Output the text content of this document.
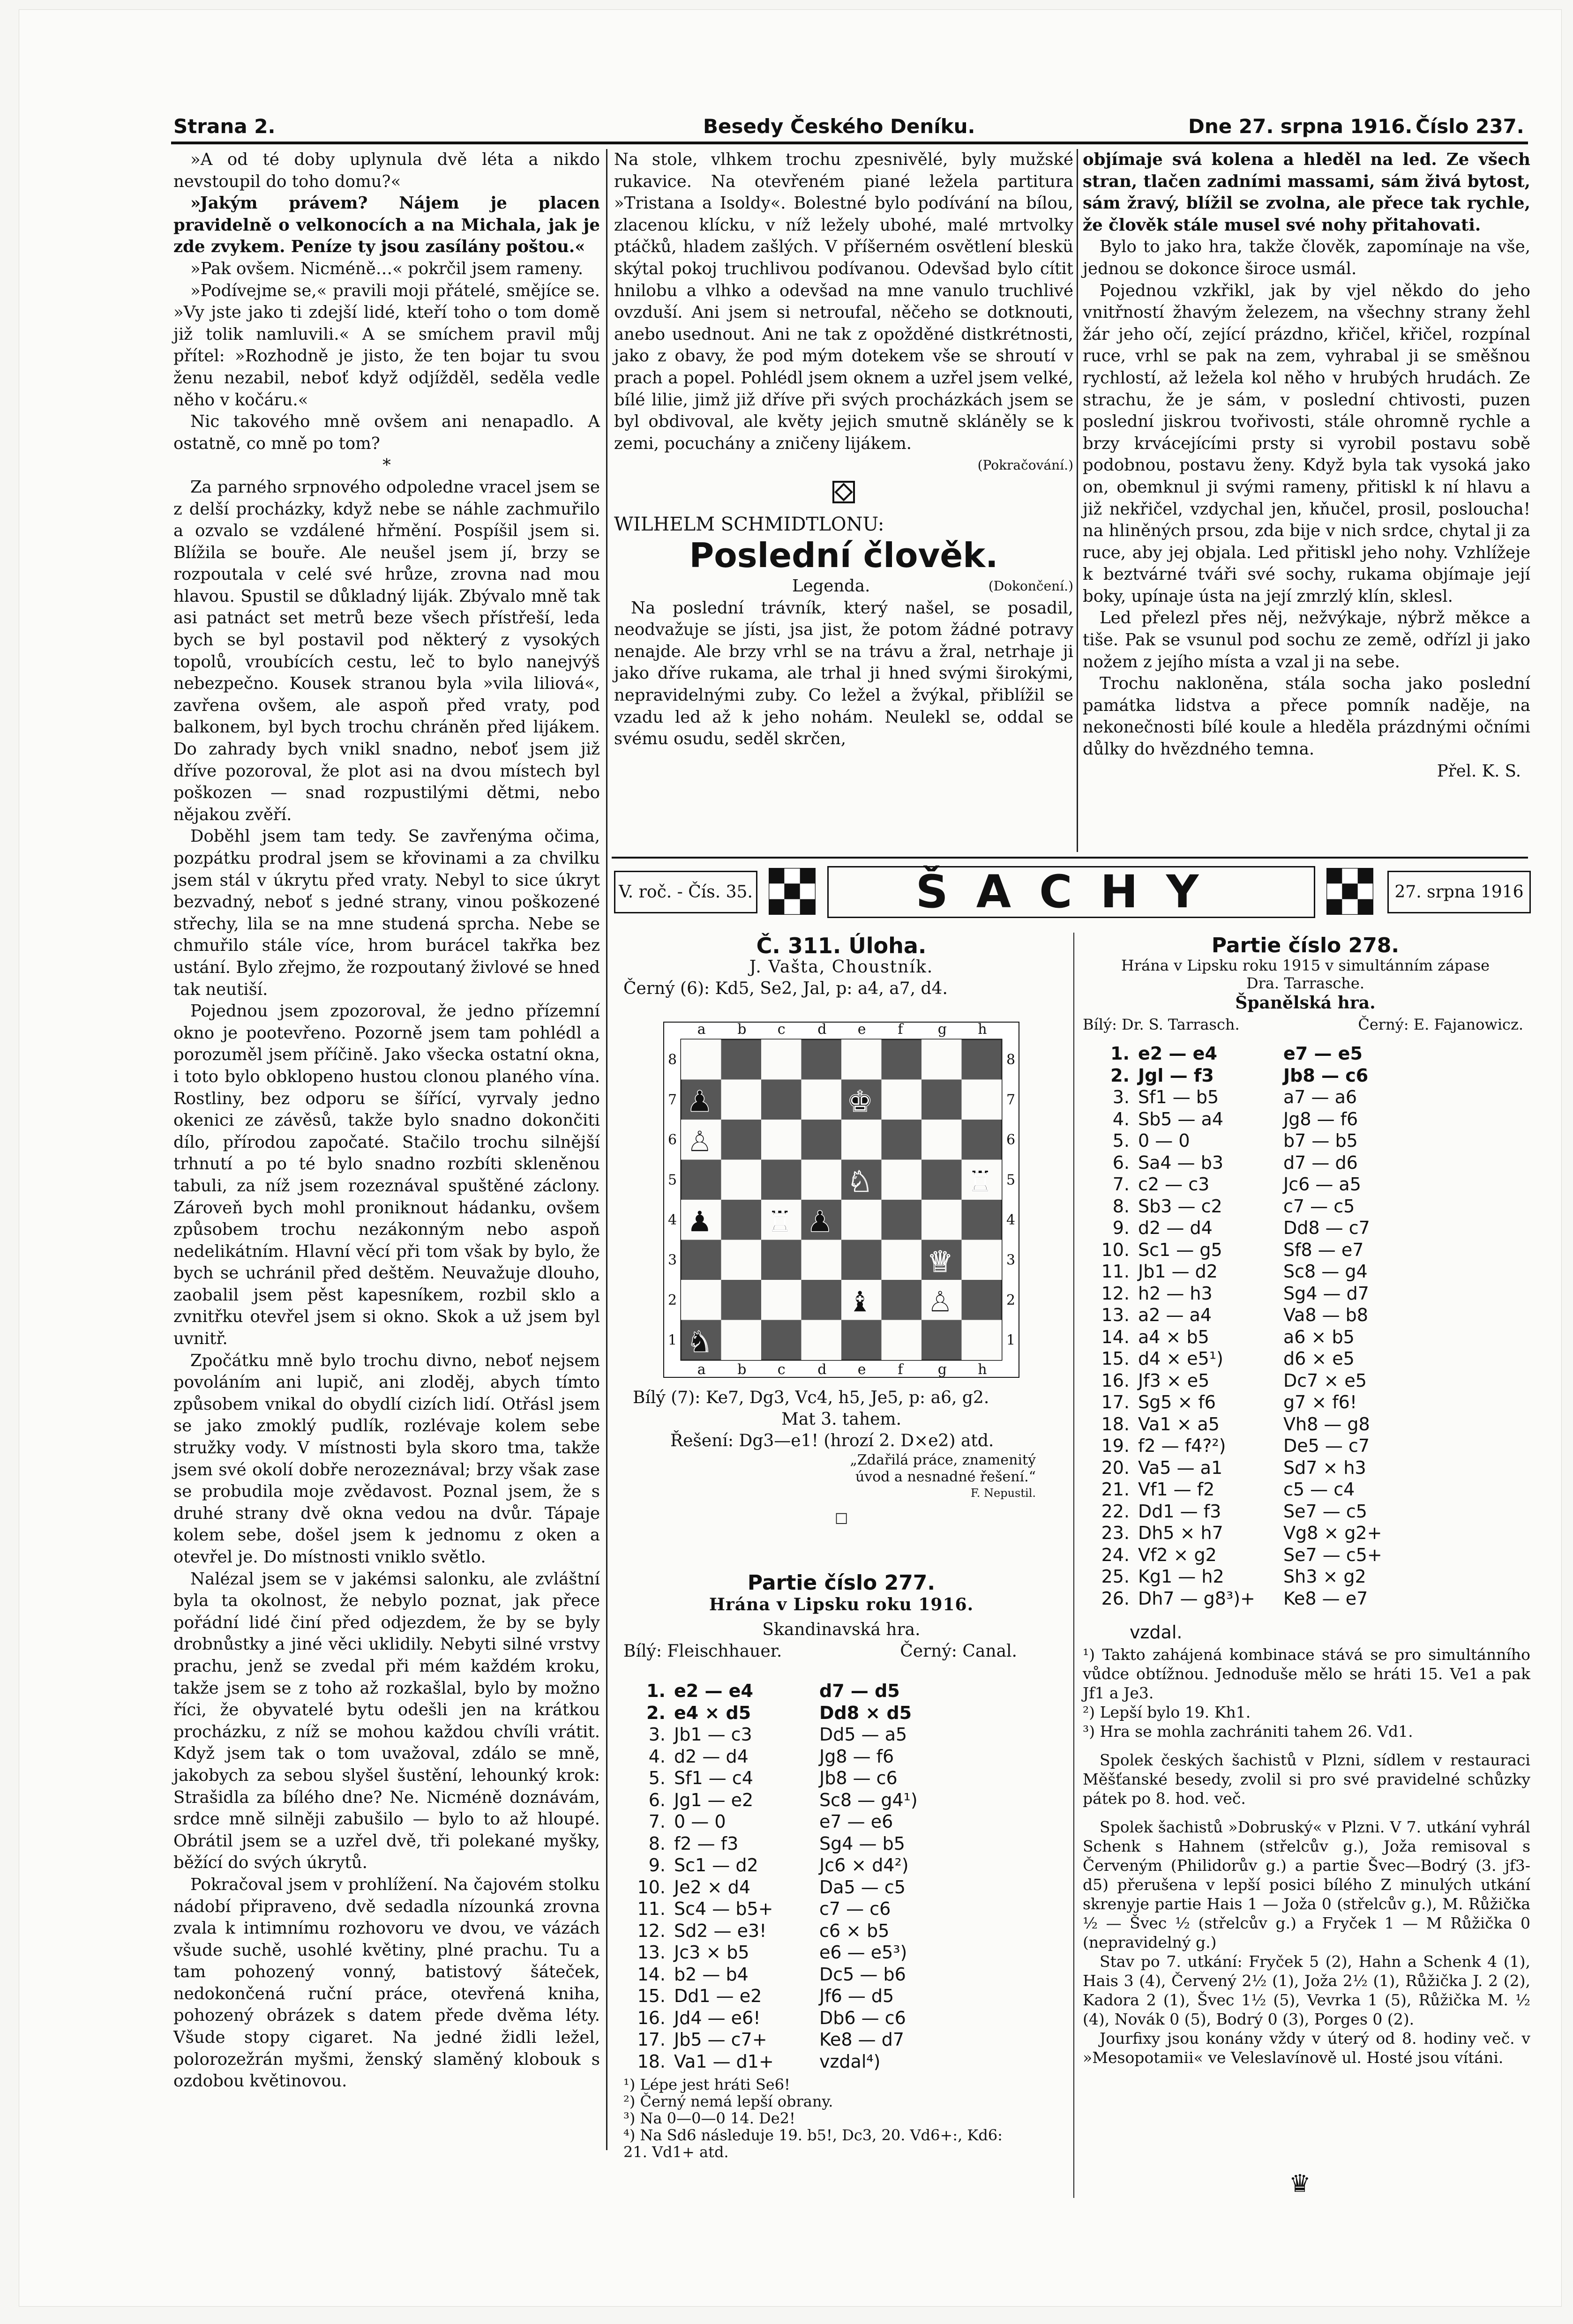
Strana 2.	Besedy Českého Deníku.	Dne 27. srpna 1916. Číslo 237.

»A od té doby uplynula dvě léta a nikdo nevstoupil do toho domu?«

»Jakým právem? Nájem je placen pravidelně o velkonocích a na Michala, jak je zde zvykem. Peníze ty jsou zasílány poštou.«

»Pak ovšem. Nicméně…« pokrčil jsem rameny.

»Podívejme se,« pravili moji přátelé, smějíce se. »Vy jste jako ti zdejší lidé, kteří toho o tom domě již tolik namluvili.« A se smíchem pravil můj přítel: »Rozhodně je jisto, že ten bojar tu svou ženu nezabil, neboť když odjížděl, seděla vedle něho v kočáru.«

Nic takového mně ovšem ani nenapadlo. A ostatně, co mně po tom?

*

Za parného srpnového odpoledne vracel jsem se z delší procházky, když nebe se náhle zachmuřilo a ozvalo se vzdálené hřmění. Pospíšil jsem si. Blížila se bouře. Ale neušel jsem jí, brzy se rozpoutala v celé své hrůze, zrovna nad mou hlavou. Spustil se důkladný liják. Zbývalo mně tak asi patnáct set metrů beze všech přístřeší, leda bych se byl postavil pod některý z vysokých topolů, vroubících cestu, leč to bylo nanejvýš nebezpečno. Kousek stranou byla »vila liliová«, zavřena ovšem, ale aspoň před vraty, pod balkonem, byl bych trochu chráněn před lijákem. Do zahrady bych vnikl snadno, neboť jsem již dříve pozoroval, že plot asi na dvou místech byl poškozen — snad rozpustilými dětmi, nebo nějakou zvěří.

Doběhl jsem tam tedy. Se zavřenýma očima, pozpátku prodral jsem se křovinami a za chvilku jsem stál v úkrytu před vraty. Nebyl to sice úkryt bezvadný, neboť s jedné strany, vinou poškozené střechy, lila se na mne studená sprcha. Nebe se chmuřilo stále více, hrom burácel takřka bez ustání. Bylo zřejmo, že rozpoutaný živlové se hned tak neutiší.

Pojednou jsem zpozoroval, že jedno přízemní okno je pootevřeno. Pozorně jsem tam pohlédl a porozuměl jsem příčině. Jako všecka ostatní okna, i toto bylo obklopeno hustou clonou planého vína. Rostliny, bez odporu se šířící, vyrvaly jedno okenici ze závěsů, takže bylo snadno dokončiti dílo, přírodou započaté. Stačilo trochu silnější trhnutí a po té bylo snadno rozbíti skleněnou tabuli, za níž jsem rozeznával spuštěné záclony. Zároveň bych mohl proniknout hádanku, ovšem způsobem trochu nezákonným nebo aspoň nedelikátním. Hlavní věcí při tom však by bylo, že bych se uchránil před deštěm. Neuvažuje dlouho, zaobalil jsem pěst kapesníkem, rozbil sklo a zvnitřku otevřel jsem si okno. Skok a už jsem byl uvnitř.

Zpočátku mně bylo trochu divno, neboť nejsem povoláním ani lupič, ani zloděj, abych tímto způsobem vnikal do obydlí cizích lidí. Otřásl jsem se jako zmoklý pudlík, rozlévaje kolem sebe stružky vody. V místnosti byla skoro tma, takže jsem své okolí dobře nerozeznával; brzy však zase se probudila moje zvědavost. Poznal jsem, že s druhé strany dvě okna vedou na dvůr. Tápaje kolem sebe, došel jsem k jednomu z oken a otevřel je. Do místnosti vniklo světlo.

Nalézal jsem se v jakémsi salonku, ale zvláštní byla ta okolnost, že nebylo poznat, jak přece pořádní lidé činí před odjezdem, že by se byly drobnůstky a jiné věci uklidily. Nebyti silné vrstvy prachu, jenž se zvedal při mém každém kroku, takže jsem se z toho až rozkašlal, bylo by možno říci, že obyvatelé bytu odešli jen na krátkou procházku, z níž se mohou každou chvíli vrátit. Když jsem tak o tom uvažoval, zdálo se mně, jakobych za sebou slyšel šustění, lehounký krok: Strašidla za bílého dne? Ne. Nicméně doznávám, srdce mně silněji zabušilo — bylo to až hloupé. Obrátil jsem se a uzřel dvě, tři polekané myšky, běžící do svých úkrytů.

Pokračoval jsem v prohlížení. Na čajovém stolku nádobí připraveno, dvě sedadla nízounká zrovna zvala k intimnímu rozhovoru ve dvou, ve vázách všude suchě, usohlé květiny, plné prachu. Tu a tam pohozený vonný, batistový šáteček, nedokončená ruční práce, otevřená kniha, pohozený obrázek s datem přede dvěma léty. Všude stopy cigaret. Na jedné židli ležel, polorozežrán myšmi, ženský slaměný klobouk s ozdobou květinovou.

Na stole, vlhkem trochu zpesnivělé, byly mužské rukavice. Na otevřeném piané ležela partitura »Tristana a Isoldy«. Bolestné bylo podívání na bílou, zlacenou klícku, v níž ležely ubohé, malé mrtvolky ptáčků, hladem zašlých. V příšerném osvětlení bleskü skýtal pokoj truchlivou podívanou. Odevšad bylo cítit hnilobu a vlhko a odevšad na mne vanulo truchlivé ovzduší. Ani jsem si netroufal, něčeho se dotknouti, anebo usednout. Ani ne tak z opožděné distkrétnosti, jako z obavy, že pod mým dotekem vše se shroutí v prach a popel. Pohlédl jsem oknem a uzřel jsem velké, bílé lilie, jimž již dříve při svých procházkách jsem se byl obdivoval, ale květy jejich smutně skláněly se k zemi, pocuchány a zničeny lijákem.

(Pokračování.)

WILHELM SCHMIDTLONU:

Poslední člověk.
Legenda.	(Dokončení.)

Na poslední trávník, který našel, se posadil, neodvažuje se jísti, jsa jist, že potom žádné potravy nenajde. Ale brzy vrhl se na trávu a žral, netrhaje ji jako dříve rukama, ale trhal ji hned svými širokými, nepravidelnými zuby. Co ležel a žvýkal, přiblížil se vzadu led až k jeho nohám. Neulekl se, oddal se svému osudu, seděl skrčen,

objímaje svá kolena a hleděl na led. Ze všech stran, tlačen zadními massami, sám živá bytost, sám žravý, blížil se zvolna, ale přece tak rychle, že člověk stále musel své nohy přitahovati.

Bylo to jako hra, takže člověk, zapomínaje na vše, jednou se dokonce široce usmál.

Pojednou vzkřikl, jak by vjel někdo do jeho vnitřností žhavým železem, na všechny strany žehl žár jeho očí, zející prázdno, křičel, křičel, rozpínal ruce, vrhl se pak na zem, vyhrabal ji se směšnou rychlostí, až ležela kol něho v hrubých hrudách. Ze strachu, že je sám, v poslední chtivosti, puzen poslední jiskrou tvořivosti, stále ohromně rychle a brzy krvácejícími prsty si vyrobil postavu sobě podobnou, postavu ženy. Když byla tak vysoká jako on, obemknul ji svými rameny, přitiskl k ní hlavu a již nekřičel, vzdychal jen, kňučel, prosil, posloucha! na hliněných prsou, zda bije v nich srdce, chytal ji za ruce, aby jej objala. Led přitiskl jeho nohy. Vzhlížeje k beztvárné tváři své sochy, rukama objímaje její boky, upínaje ústa na její zmrzlý klín, sklesl.

Led přelezl přes něj, nežvýkaje, nýbrž měkce a tiše. Pak se vsunul pod sochu ze země, odřízl ji jako nožem z jejího místa a vzal ji na sebe.

Trochu nakloněna, stála socha jako poslední památka lidstva a přece pomník naděje, na nekonečnosti bílé koule a hleděla prázdnými očními důlky do hvězdného temna.

Přel. K. S.

V. roč. - Čís. 35.	ŠACHY	27. srpna 1916
Č. 311. Úloha.
J. Vašta, Choustník.
Černý (6): Kd5, Se2, Jal, p: a4, a7, d4.
a
a
b
b
c
c
d
d
e
e
f
f
g
g
h
h
8	8
7	7
6	6
5	5
4	4
3	3
2	2
1	1
♚
♝
♞
♟
♟
♟
♕
♖
♖
♘
♙
♙
Bílý (7): Ke7, Dg3, Vc4, h5, Je5, p: a6, g2.
Mat 3. tahem.
Řešení: Dg3—e1! (hrozí 2. D×e2) atd.
„Zdařilá práce, znamenitý
úvod a nesnadné řešení.“
F. Nepustil.
□
Partie číslo 277.
Hrána v Lipsku roku 1916.
Skandinavská hra.
Bílý: Fleischhauer.	Černý: Canal.
1. e2 — e4	d7 — d5
2. e4 × d5	Dd8 × d5
3. Jb1 — c3	Dd5 — a5
4. d2 — d4	Jg8 — f6
5. Sf1 — c4	Jb8 — c6
6. Jg1 — e2	Sc8 — g4¹)
7. 0 — 0	e7 — e6
8. f2 — f3	Sg4 — b5
9. Sc1 — d2	Jc6 × d4²)
10. Je2 × d4	Da5 — c5
11. Sc4 — b5+	c7 — c6
12. Sd2 — e3!	c6 × b5
13. Jc3 × b5	e6 — e5³)
14. b2 — b4	Dc5 — b6
15. Dd1 — e2	Jf6 — d5
16. Jd4 — e6!	Db6 — c6
17. Jb5 — c7+	Ke8 — d7
18. Va1 — d1+	vzdal⁴)
¹) Lépe jest hráti Se6!
²) Černý nemá lepší obrany.
³) Na 0—0—0 14. De2!
⁴) Na Sd6 následuje 19. b5!, Dc3, 20. Vd6+:, Kd6:
21. Vd1+ atd.
Partie číslo 278.
Hrána v Lipsku roku 1915 v simultánním zápase
Dra. Tarrasche.
Španělská hra.
Bílý: Dr. S. Tarrasch.	Černý: E. Fajanowicz.
1. e2 — e4	e7 — e5
2. Jgl — f3	Jb8 — c6
3. Sf1 — b5	a7 — a6
4. Sb5 — a4	Jg8 — f6
5. 0 — 0	b7 — b5
6. Sa4 — b3	d7 — d6
7. c2 — c3	Jc6 — a5
8. Sb3 — c2	c7 — c5
9. d2 — d4	Dd8 — c7
10. Sc1 — g5	Sf8 — e7
11. Jb1 — d2	Sc8 — g4
12. h2 — h3	Sg4 — d7
13. a2 — a4	Va8 — b8
14. a4 × b5	a6 × b5
15. d4 × e5¹)	d6 × e5
16. Jf3 × e5	Dc7 × e5
17. Sg5 × f6	g7 × f6!
18. Va1 × a5	Vh8 — g8
19. f2 — f4?²)	De5 — c7
20. Va5 — a1	Sd7 × h3
21. Vf1 — f2	c5 — c4
22. Dd1 — f3	Se7 — c5
23. Dh5 × h7	Vg8 × g2+
24. Vf2 × g2	Se7 — c5+
25. Kg1 — h2	Sh3 × g2
26. Dh7 — g8³)+	Ke8 — e7
vzdal.
¹) Takto zahájená kombinace stává se pro simultánního vůdce obtížnou. Jednoduše mělo se hráti 15. Ve1 a pak Jf1 a Je3.
²) Lepší bylo 19. Kh1.
³) Hra se mohla zachrániti tahem 26. Vd1.

Spolek českých šachistů v Plzni, sídlem v restauraci Měšťanské besedy, zvolil si pro své pravidelné schůzky pátek po 8. hod. več.

Spolek šachistů »Dobruský« v Plzni. V 7. utkání vyhrál Schenk s Hahnem (střelcův g.), Joža remisoval s Červeným (Philidorův g.) a partie Švec—Bodrý (3. jf3-d5) přerušena v lepší posici bílého Z minulých utkání skrenyje partie Hais 1 — Joža 0 (střelcův g.), M. Růžička ½ — Švec ½ (střelcův g.) a Fryček 1 — M Růžička 0 (nepravidelný g.)

Stav po 7. utkání: Fryček 5 (2), Hahn a Schenk 4 (1), Hais 3 (4), Červený 2½ (1), Joža 2½ (1), Růžička J. 2 (2), Kadora 2 (1), Švec 1½ (5), Vevrka 1 (5), Růžička M. ½ (4), Novák 0 (5), Bodrý 0 (3), Porges 0 (2).

Jourfixy jsou konány vždy v úterý od 8. hodiny več. v »Mesopotamii« ve Veleslavínově ul. Hosté jsou vítáni.

♛
